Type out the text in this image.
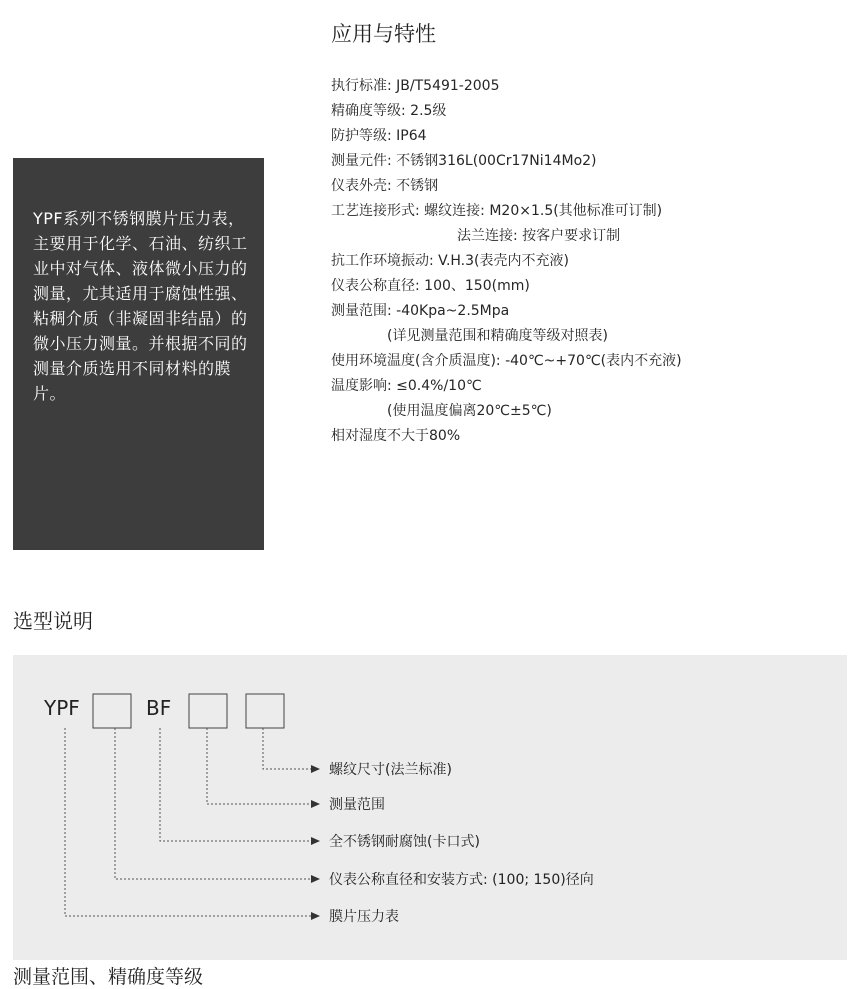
YPF系列不锈钢膜片压力表，主要用于化学、石油、纺织工业中对气体、液体微小压力的测量，尤其适用于腐蚀性强、粘稠介质（非凝固非结晶）的微小压力测量。并根据不同的测量介质选用不同材料的膜片。

应用与特性
执行标准: JB/T5491-2005
精确度等级: 2.5级
防护等级: IP64
测量元件: 不锈钢316L(00Cr17Ni14Mo2)
仪表外壳: 不锈钢
工艺连接形式: 螺纹连接: M20×1.5(其他标准可订制)
法兰连接: 按客户要求订制
抗工作环境振动: V.H.3(表壳内不充液)
仪表公称直径: 100、150(mm)
测量范围: -40Kpa~2.5Mpa
(详见测量范围和精确度等级对照表)
使用环境温度(含介质温度): -40℃~+70℃(表内不充液)
温度影响: ≤0.4%/10℃
(使用温度偏离20℃±5℃)
相对湿度不大于80%
选型说明
YPF	BF
螺纹尺寸(法兰标准)
测量范围
全不锈钢耐腐蚀(卡口式)
仪表公称直径和安装方式: (100; 150)径向
膜片压力表
测量范围、精确度等级
